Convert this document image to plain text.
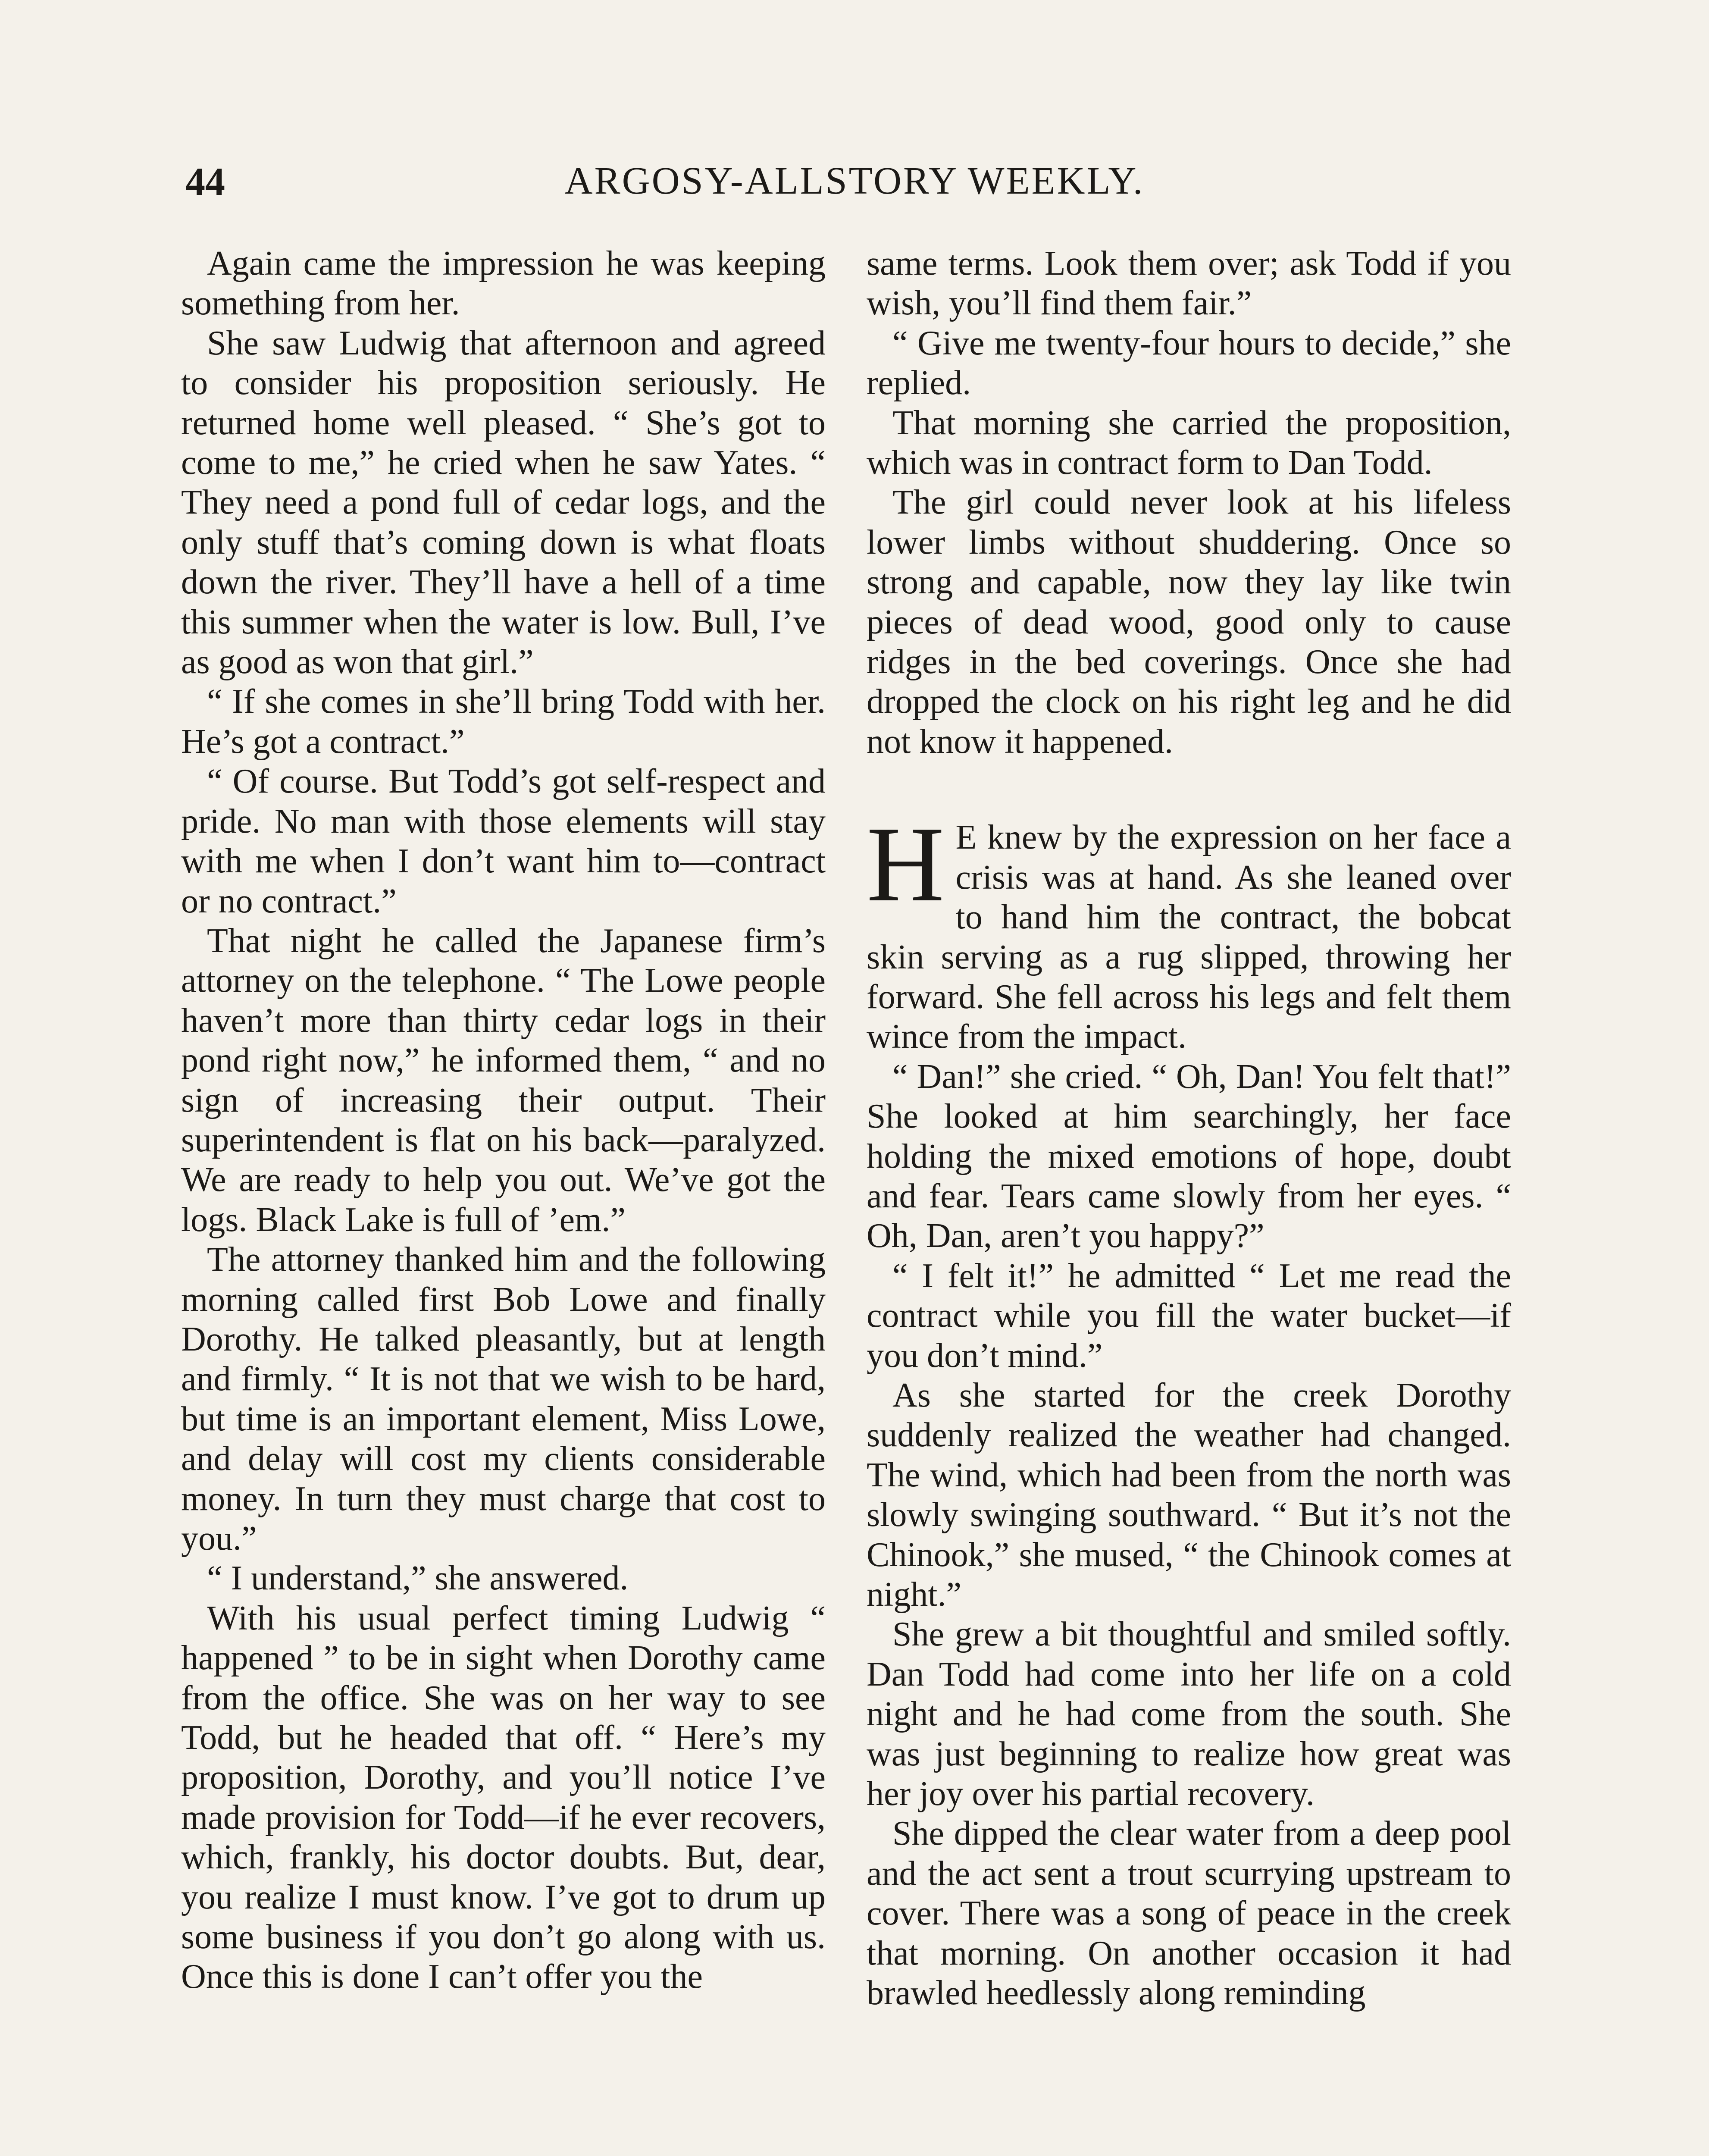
44	ARGOSY-ALLSTORY WEEKLY.

Again came the impression he was keeping something from her.

She saw Ludwig that afternoon and agreed to consider his proposition seriously. He returned home well pleased. “ She’s got to come to me,” he cried when he saw Yates. “ They need a pond full of cedar logs, and the only stuff that’s coming down is what floats down the river. They’ll have a hell of a time this summer when the water is low. Bull, I’ve as good as won that girl.”

“ If she comes in she’ll bring Todd with her. He’s got a contract.”

“ Of course. But Todd’s got self-respect and pride. No man with those elements will stay with me when I don’t want him to—contract or no contract.”

That night he called the Japanese firm’s attorney on the telephone. “ The Lowe people haven’t more than thirty cedar logs in their pond right now,” he informed them, “ and no sign of increasing their output. Their superintendent is flat on his back—paralyzed. We are ready to help you out. We’ve got the logs. Black Lake is full of ’em.”

The attorney thanked him and the following morning called first Bob Lowe and finally Dorothy. He talked pleasantly, but at length and firmly. “ It is not that we wish to be hard, but time is an important element, Miss Lowe, and delay will cost my clients considerable money. In turn they must charge that cost to you.”

“ I understand,” she answered.

With his usual perfect timing Ludwig “ happened ” to be in sight when Dorothy came from the office. She was on her way to see Todd, but he headed that off. “ Here’s my proposition, Dorothy, and you’ll notice I’ve made provision for Todd—if he ever recovers, which, frankly, his doctor doubts. But, dear, you realize I must know. I’ve got to drum up some business if you don’t go along with us. Once this is done I can’t offer you the

same terms. Look them over; ask Todd if you wish, you’ll find them fair.”

“ Give me twenty-four hours to decide,” she replied.

That morning she carried the proposition, which was in contract form to Dan Todd.

The girl could never look at his lifeless lower limbs without shuddering. Once so strong and capable, now they lay like twin pieces of dead wood, good only to cause ridges in the bed coverings. Once she had dropped the clock on his right leg and he did not know it happened.

H E knew by the expression on her face a crisis was at hand. As she leaned over to hand him the contract, the bobcat skin serving as a rug slipped, throwing her forward. She fell across his legs and felt them wince from the impact.

“ Dan!” she cried. “ Oh, Dan! You felt that!” She looked at him searchingly, her face holding the mixed emotions of hope, doubt and fear. Tears came slowly from her eyes. “ Oh, Dan, aren’t you happy?”

“ I felt it!” he admitted “ Let me read the contract while you fill the water bucket—if you don’t mind.”

As she started for the creek Dorothy suddenly realized the weather had changed. The wind, which had been from the north was slowly swinging southward. “ But it’s not the Chinook,” she mused, “ the Chinook comes at night.”

She grew a bit thoughtful and smiled softly. Dan Todd had come into her life on a cold night and he had come from the south. She was just beginning to realize how great was her joy over his partial recovery.

She dipped the clear water from a deep pool and the act sent a trout scurrying upstream to cover. There was a song of peace in the creek that morning. On another occasion it had brawled heedlessly along reminding
